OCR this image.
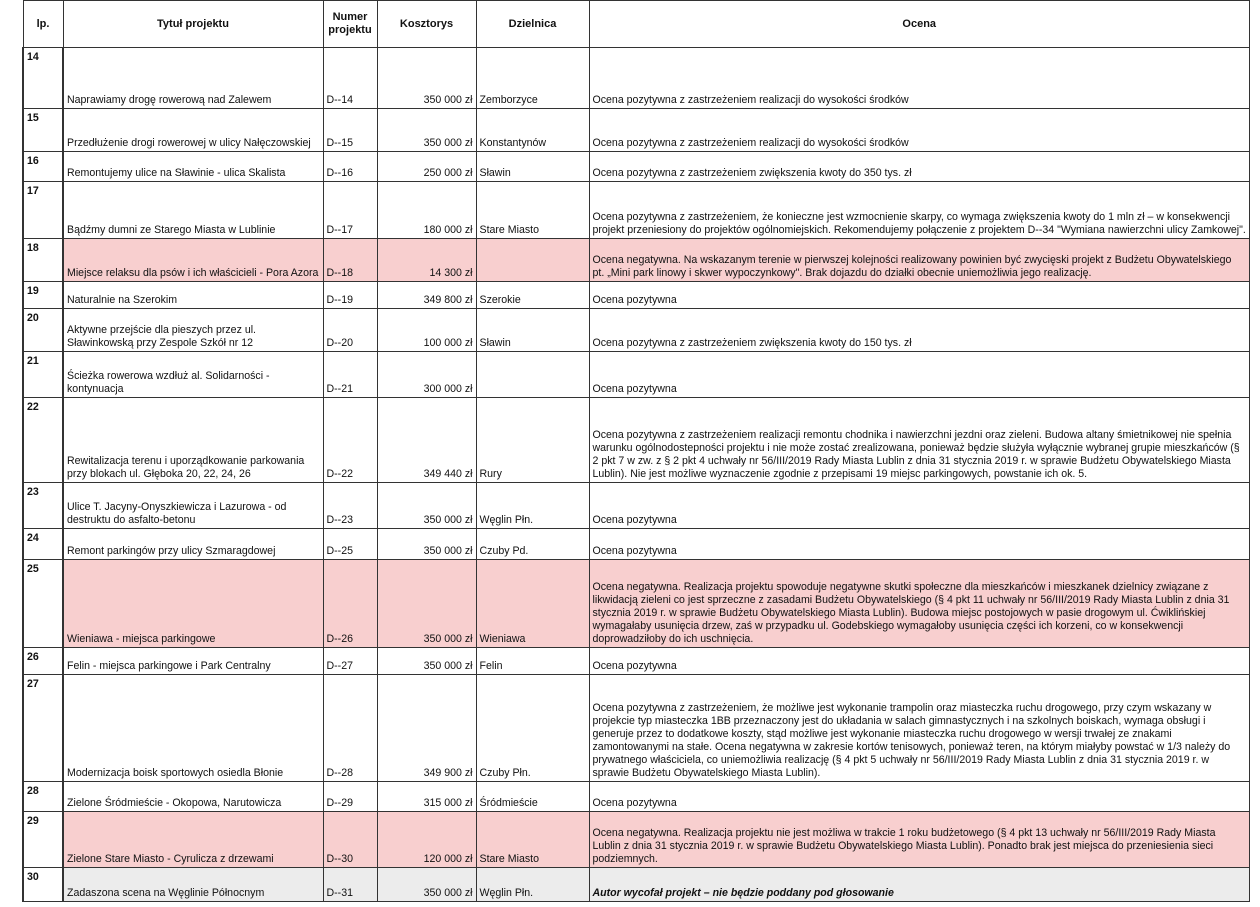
lp.	Tytuł projektu	Numer projektu	Kosztorys	Dzielnica	Ocena
14	Naprawiamy drogę rowerową nad Zalewem	D--14	350 000 zł	Zemborzyce	Ocena pozytywna z zastrzeżeniem realizacji do wysokości środków
15	Przedłużenie drogi rowerowej w ulicy Nałęczowskiej	D--15	350 000 zł	Konstantynów	Ocena pozytywna z zastrzeżeniem realizacji do wysokości środków
16	Remontujemy ulice na Sławinie - ulica Skalista	D--16	250 000 zł	Sławin	Ocena pozytywna z zastrzeżeniem zwiększenia kwoty do 350 tys. zł
17	Bądźmy dumni ze Starego Miasta w Lublinie	D--17	180 000 zł	Stare Miasto	Ocena pozytywna z zastrzeżeniem, że konieczne jest wzmocnienie skarpy, co wymaga zwiększenia kwoty do 1 mln zł – w konsekwencji projekt przeniesiony do projektów ogólnomiejskich. Rekomendujemy połączenie z projektem D--34 "Wymiana nawierzchni ulicy Zamkowej".
18	Miejsce relaksu dla psów i ich właścicieli - Pora Azora	D--18	14 300 zł		Ocena negatywna. Na wskazanym terenie w pierwszej kolejności realizowany powinien być zwycięski projekt z Budżetu Obywatelskiego pt. „Mini park linowy i skwer wypoczynkowy". Brak dojazdu do działki obecnie uniemożliwia jego realizację.
19	Naturalnie na Szerokim	D--19	349 800 zł	Szerokie	Ocena pozytywna
20	Aktywne przejście dla pieszych przez ul. Sławinkowską przy Zespole Szkół nr 12	D--20	100 000 zł	Sławin	Ocena pozytywna z zastrzeżeniem zwiększenia kwoty do 150 tys. zł
21	Ścieżka rowerowa wzdłuż al. Solidarności - kontynuacja	D--21	300 000 zł		Ocena pozytywna
22	Rewitalizacja terenu i uporządkowanie parkowania przy blokach ul. Głęboka 20, 22, 24, 26	D--22	349 440 zł	Rury	Ocena pozytywna z zastrzeżeniem realizacji remontu chodnika i nawierzchni jezdni oraz zieleni. Budowa altany śmietnikowej nie spełnia warunku ogólnodostepności projektu i nie może zostać zrealizowana, ponieważ będzie służyła wyłącznie wybranej grupie mieszkańców (§ 2 pkt 7 w zw. z § 2 pkt 4 uchwały nr 56/III/2019 Rady Miasta Lublin z dnia 31 stycznia 2019 r. w sprawie Budżetu Obywatelskiego Miasta Lublin). Nie jest możliwe wyznaczenie zgodnie z przepisami 19 miejsc parkingowych, powstanie ich ok. 5.
23	Ulice T. Jacyny-Onyszkiewicza i Lazurowa - od destruktu do asfalto-betonu	D--23	350 000 zł	Węglin Płn.	Ocena pozytywna
24	Remont parkingów przy ulicy Szmaragdowej	D--25	350 000 zł	Czuby Pd.	Ocena pozytywna
25	Wieniawa - miejsca parkingowe	D--26	350 000 zł	Wieniawa	Ocena negatywna. Realizacja projektu spowoduje negatywne skutki społeczne dla mieszkańców i mieszkanek dzielnicy związane z likwidacją zieleni co jest sprzeczne z zasadami Budżetu Obywatelskiego (§ 4 pkt 11 uchwały nr 56/III/2019 Rady Miasta Lublin z dnia 31 stycznia 2019 r. w sprawie Budżetu Obywatelskiego Miasta Lublin). Budowa miejsc postojowych w pasie drogowym ul. Ćwiklińskiej wymagałaby usunięcia drzew, zaś w przypadku ul. Godebskiego wymagałoby usunięcia części ich korzeni, co w konsekwencji doprowadziłoby do ich uschnięcia.
26	Felin - miejsca parkingowe i Park Centralny	D--27	350 000 zł	Felin	Ocena pozytywna
27	Modernizacja boisk sportowych osiedla Błonie	D--28	349 900 zł	Czuby Płn.	Ocena pozytywna z zastrzeżeniem, że możliwe jest wykonanie trampolin oraz miasteczka ruchu drogowego, przy czym wskazany w projekcie typ miasteczka 1BB przeznaczony jest do układania w salach gimnastycznych i na szkolnych boiskach, wymaga obsługi i generuje przez to dodatkowe koszty, stąd możliwe jest wykonanie miasteczka ruchu drogowego w wersji trwałej ze znakami zamontowanymi na stałe. Ocena negatywna w zakresie kortów tenisowych, ponieważ teren, na którym miałyby powstać w 1/3 należy do prywatnego właściciela, co uniemożliwia realizację (§ 4 pkt 5 uchwały nr 56/III/2019 Rady Miasta Lublin z dnia 31 stycznia 2019 r. w sprawie Budżetu Obywatelskiego Miasta Lublin).
28	Zielone Śródmieście - Okopowa, Narutowicza	D--29	315 000 zł	Śródmieście	Ocena pozytywna
29	Zielone Stare Miasto - Cyrulicza z drzewami	D--30	120 000 zł	Stare Miasto	Ocena negatywna. Realizacja projektu nie jest możliwa w trakcie 1 roku budżetowego (§ 4 pkt 13 uchwały nr 56/III/2019 Rady Miasta Lublin z dnia 31 stycznia 2019 r. w sprawie Budżetu Obywatelskiego Miasta Lublin). Ponadto brak jest miejsca do przeniesienia sieci podziemnych.
30	Zadaszona scena na Węglinie Północnym	D--31	350 000 zł	Węglin Płn.	Autor wycofał projekt – nie będzie poddany pod głosowanie
